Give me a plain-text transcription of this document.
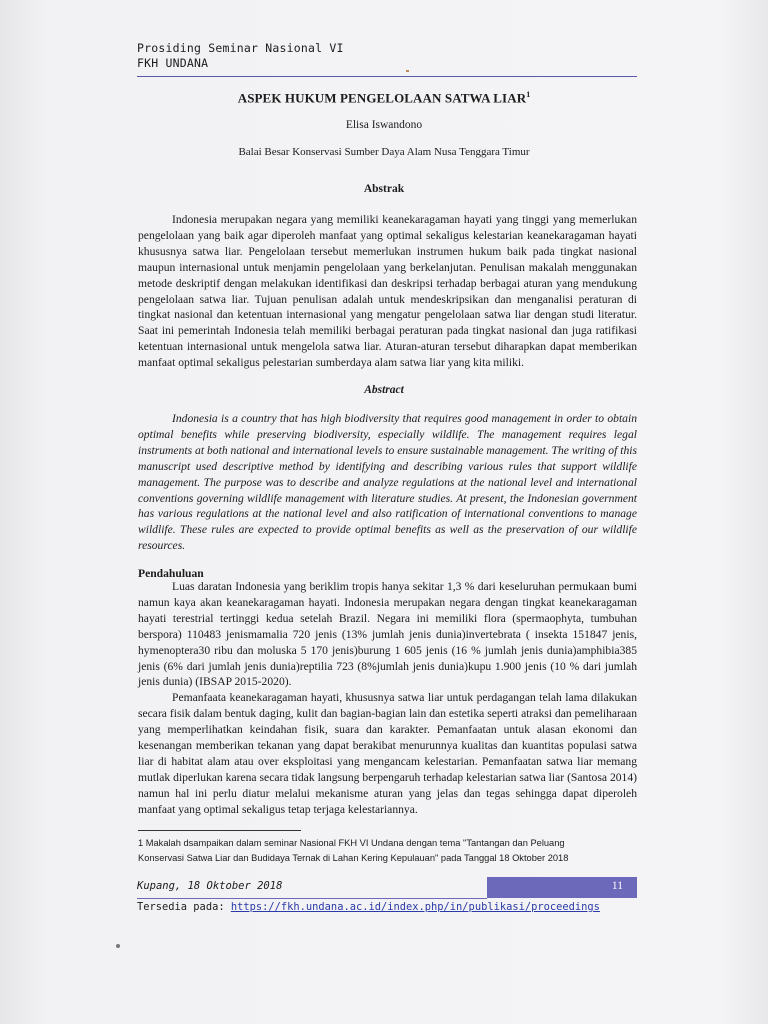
Prosiding Seminar Nasional VI
FKH UNDANA
ASPEK HUKUM PENGELOLAAN SATWA LIAR$^1$
Elisa Iswandono
Balai Besar Konservasi Sumber Daya Alam Nusa Tenggara Timur
Abstrak

Indonesia merupakan negara yang memiliki keanekaragaman hayati yang tinggi yang memerlukan pengelolaan yang baik agar diperoleh manfaat yang optimal sekaligus kelestarian keanekaragaman hayati khususnya satwa liar. Pengelolaan tersebut memerlukan instrumen hukum baik pada tingkat nasional maupun internasional untuk menjamin pengelolaan yang berkelanjutan. Penulisan makalah menggunakan metode deskriptif dengan melakukan identifikasi dan deskripsi terhadap berbagai aturan yang mendukung pengelolaan satwa liar. Tujuan penulisan adalah untuk mendeskripsikan dan menganalisi peraturan di tingkat nasional dan ketentuan internasional yang mengatur pengelolaan satwa liar dengan studi literatur. Saat ini pemerintah Indonesia telah memiliki berbagai peraturan pada tingkat nasional dan juga ratifikasi ketentuan internasional untuk mengelola satwa liar. Aturan-aturan tersebut diharapkan dapat memberikan manfaat optimal sekaligus pelestarian sumberdaya alam satwa liar yang kita miliki.

Abstract

Indonesia is a country that has high biodiversity that requires good management in order to obtain optimal benefits while preserving biodiversity, especially wildlife. The management requires legal instruments at both national and international levels to ensure sustainable management. The writing of this manuscript used descriptive method by identifying and describing various rules that support wildlife management. The purpose was to describe and analyze regulations at the national level and international conventions governing wildlife management with literature studies. At present, the Indonesian government has various regulations at the national level and also ratification of international conventions to manage wildlife. These rules are expected to provide optimal benefits as well as the preservation of our wildlife resources.

Pendahuluan

Luas daratan Indonesia yang beriklim tropis hanya sekitar 1,3 % dari keseluruhan permukaan bumi namun kaya akan keanekaragaman hayati. Indonesia merupakan negara dengan tingkat keanekaragaman hayati terestrial tertinggi kedua setelah Brazil. Negara ini memiliki flora (spermaophyta, tumbuhan berspora) 110483 jenismamalia 720 jenis (13% jumlah jenis dunia)invertebrata ( insekta 151847 jenis, hymenoptera30 ribu dan moluska 5 170 jenis)burung 1 605 jenis (16 % jumlah jenis dunia)amphibia385 jenis (6% dari jumlah jenis dunia)reptilia 723 (8%jumlah jenis dunia)kupu 1.900 jenis (10 % dari jumlah jenis dunia) (IBSAP 2015-2020).

Pemanfaata keanekaragaman hayati, khususnya satwa liar untuk perdagangan telah lama dilakukan secara fisik dalam bentuk daging, kulit dan bagian-bagian lain dan estetika seperti atraksi dan pemeliharaan yang memperlihatkan keindahan fisik, suara dan karakter. Pemanfaatan untuk alasan ekonomi dan kesenangan memberikan tekanan yang dapat berakibat menurunnya kualitas dan kuantitas populasi satwa liar di habitat alam atau over eksploitasi yang mengancam kelestarian. Pemanfaatan satwa liar memang mutlak diperlukan karena secara tidak langsung berpengaruh terhadap kelestarian satwa liar (Santosa 2014) namun hal ini perlu diatur melalui mekanisme aturan yang jelas dan tegas sehingga dapat diperoleh manfaat yang optimal sekaligus tetap terjaga kelestariannya.

1 Makalah dsampaikan dalam seminar Nasional FKH VI Undana dengan tema "Tantangan dan Peluang
Konservasi Satwa Liar dan Budidaya Ternak di Lahan Kering Kepulauan" pada Tanggal 18 Oktober 2018
Kupang, 18 Oktober 2018	11
Tersedia pada: https://fkh.undana.ac.id/index.php/in/publikasi/proceedings
